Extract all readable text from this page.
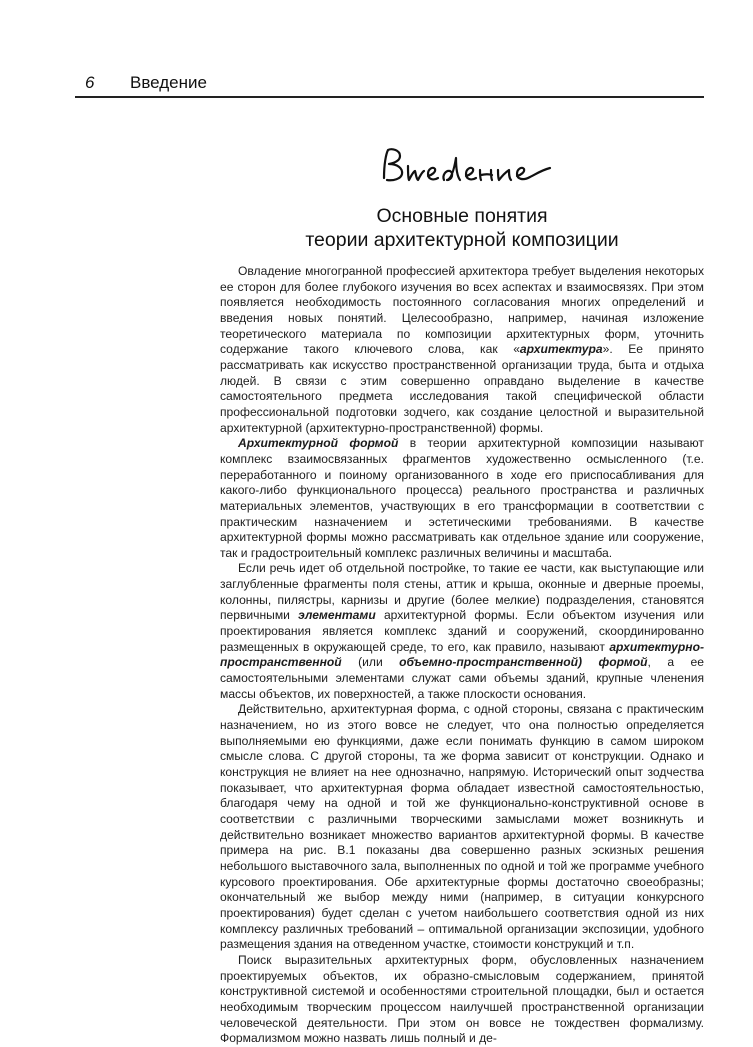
6 Введение
Основные понятия
теории архитектурной композиции

Овладение многогранной профессией архитектора требует выделения некоторых ее сторон для более глубокого изучения во всех аспектах и взаимосвязях. При этом появляется необходимость постоянного согласования многих определений и введения новых понятий. Целесообразно, например, начиная изложение теоретического материала по композиции архитектурных форм, уточнить содержание такого ключевого слова, как «архитектура». Ее принято рассматривать как искусство пространственной организации труда, быта и отдыха людей. В связи с этим совершенно оправдано выделение в качестве самостоятельного предмета исследования такой специфической области профессиональной подготовки зодчего, как создание целостной и выразительной архитектурной (архитектурно-пространственной) формы.

Архитектурной формой в теории архитектурной композиции называют комплекс взаимосвязанных фрагментов художественно осмысленного (т.е. переработанного и поиному организованного в ходе его приспосабливания для какого-либо функционального процесса) реального пространства и различных материальных элементов, участвующих в его трансформации в соответствии с практическим назначением и эстетическими требованиями. В качестве архитектурной формы можно рассматривать как отдельное здание или сооружение, так и градостроительный комплекс различных величины и масштаба.

Если речь идет об отдельной постройке, то такие ее части, как выступающие или заглубленные фрагменты поля стены, аттик и крыша, оконные и дверные проемы, колонны, пилястры, карнизы и другие (более мелкие) подразделения, становятся первичными элементами архитектурной формы. Если объектом изучения или проектирования является комплекс зданий и сооружений, скоординированно размещенных в окружающей среде, то его, как правило, называют архитектурно-пространственной (или объемно-пространственной) формой, а ее самостоятельными элементами служат сами объемы зданий, крупные членения массы объектов, их поверхностей, а также плоскости основания.

Действительно, архитектурная форма, с одной стороны, связана с практическим назначением, но из этого вовсе не следует, что она полностью определяется выполняемыми ею функциями, даже если понимать функцию в самом широком смысле слова. С другой стороны, та же форма зависит от конструкции. Однако и конструкция не влияет на нее однозначно, напрямую. Исторический опыт зодчества показывает, что архитектурная форма обладает известной самостоятельностью, благодаря чему на одной и той же функционально-конструктивной основе в соответствии с различными творческими замыслами может возникнуть и действительно возникает множество вариантов архитектурной формы. В качестве примера на рис. В.1 показаны два совершенно разных эскизных решения небольшого выставочного зала, выполненных по одной и той же программе учебного курсового проектирования. Обе архитектурные формы достаточно своеобразны; окончательный же выбор между ними (например, в ситуации конкурсного проектирования) будет сделан с учетом наибольшего соответствия одной из них комплексу различных требований – оптимальной организации экспозиции, удобного размещения здания на отведенном участке, стоимости конструкций и т.п.

Поиск выразительных архитектурных форм, обусловленных назначением проектируемых объектов, их образно-смысловым содержанием, принятой конструктивной системой и особенностями строительной площадки, был и остается необходимым творческим процессом наилучшей пространственной организации человеческой деятельности. При этом он вовсе не тождествен формализму. Формализмом можно назвать лишь полный и де-
